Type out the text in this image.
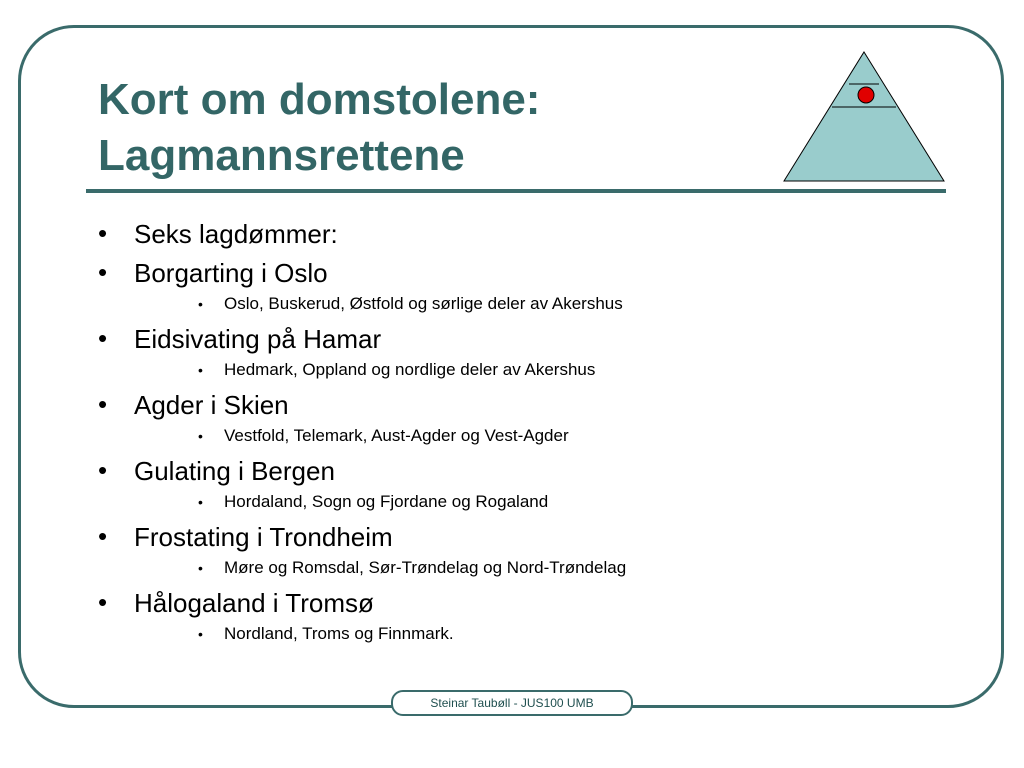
Kort om domstolene:
Lagmannsrettene
• Seks lagdømmer:
• Borgarting i Oslo
• Oslo, Buskerud, Østfold og sørlige deler av Akershus
• Eidsivating på Hamar
• Hedmark, Oppland og nordlige deler av Akershus
• Agder i Skien
• Vestfold, Telemark, Aust-Agder og Vest-Agder
• Gulating i Bergen
• Hordaland, Sogn og Fjordane og Rogaland
• Frostating i Trondheim
• Møre og Romsdal, Sør-Trøndelag og Nord-Trøndelag
• Hålogaland i Tromsø
• Nordland, Troms og Finnmark.
Steinar Taubøll - JUS100 UMB
